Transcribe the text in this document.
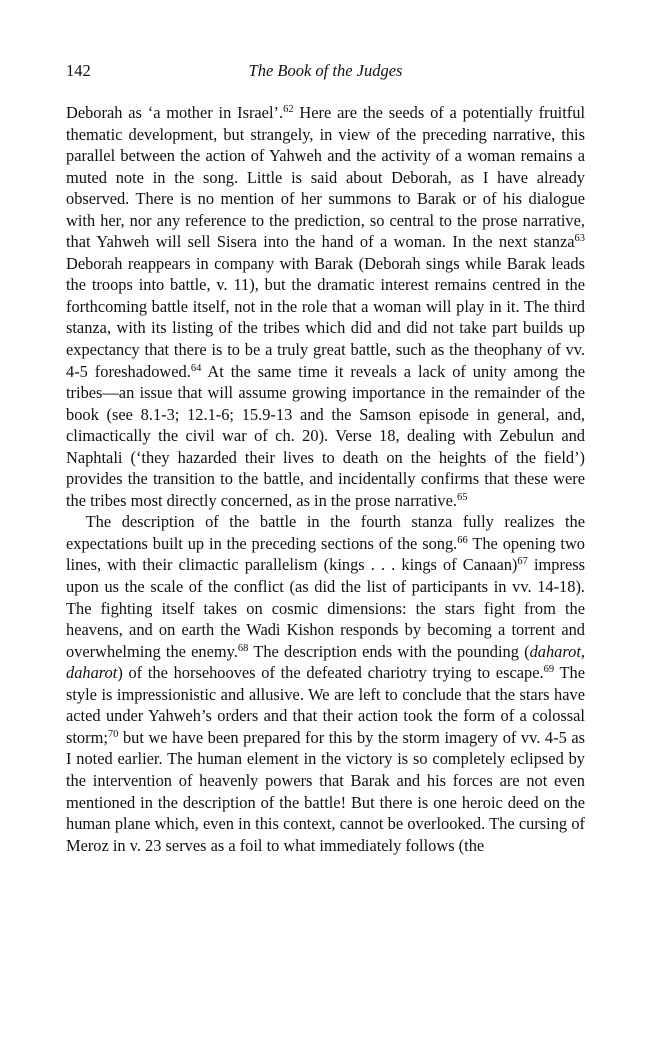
142	The Book of the Judges

Deborah as ‘a mother in Israel’.$^{62}$ Here are the seeds of a potentially fruitful thematic development, but strangely, in view of the preceding narrative, this parallel between the action of Yahweh and the activity of a woman remains a muted note in the song. Little is said about Deborah, as I have already observed. There is no mention of her summons to Barak or of his dialogue with her, nor any reference to the prediction, so central to the prose narrative, that Yahweh will sell Sisera into the hand of a woman. In the next stanza$^{63}$ Deborah reappears in company with Barak (Deborah sings while Barak leads the troops into battle, v. 11), but the dramatic interest remains centred in the forthcoming battle itself, not in the role that a woman will play in it. The third stanza, with its listing of the tribes which did and did not take part builds up expectancy that there is to be a truly great battle, such as the theophany of vv. 4-5 foreshadowed.$^{64}$ At the same time it reveals a lack of unity among the tribes—an issue that will assume growing importance in the remainder of the book (see 8.1-3; 12.1-6; 15.9-13 and the Samson episode in general, and, climactically the civil war of ch. 20). Verse 18, dealing with Zebulun and Naphtali (‘they hazarded their lives to death on the heights of the field’) provides the transition to the battle, and incidentally confirms that these were the tribes most directly concerned, as in the prose narrative.$^{65}$

The description of the battle in the fourth stanza fully realizes the expectations built up in the preceding sections of the song.$^{66}$ The opening two lines, with their climactic parallelism (kings . . . kings of Canaan)$^{67}$ impress upon us the scale of the conflict (as did the list of participants in vv. 14-18). The fighting itself takes on cosmic dimensions: the stars fight from the heavens, and on earth the Wadi Kishon responds by becoming a torrent and overwhelming the enemy.$^{68}$ The description ends with the pounding (daharot, daharot) of the horsehooves of the defeated chariotry trying to escape.$^{69}$ The style is impressionistic and allusive. We are left to conclude that the stars have acted under Yahweh’s orders and that their action took the form of a colossal storm;$^{70}$ but we have been prepared for this by the storm imagery of vv. 4-5 as I noted earlier. The human element in the victory is so completely eclipsed by the intervention of heavenly powers that Barak and his forces are not even mentioned in the description of the battle! But there is one heroic deed on the human plane which, even in this context, cannot be overlooked. The cursing of Meroz in v. 23 serves as a foil to what immediately follows (the
